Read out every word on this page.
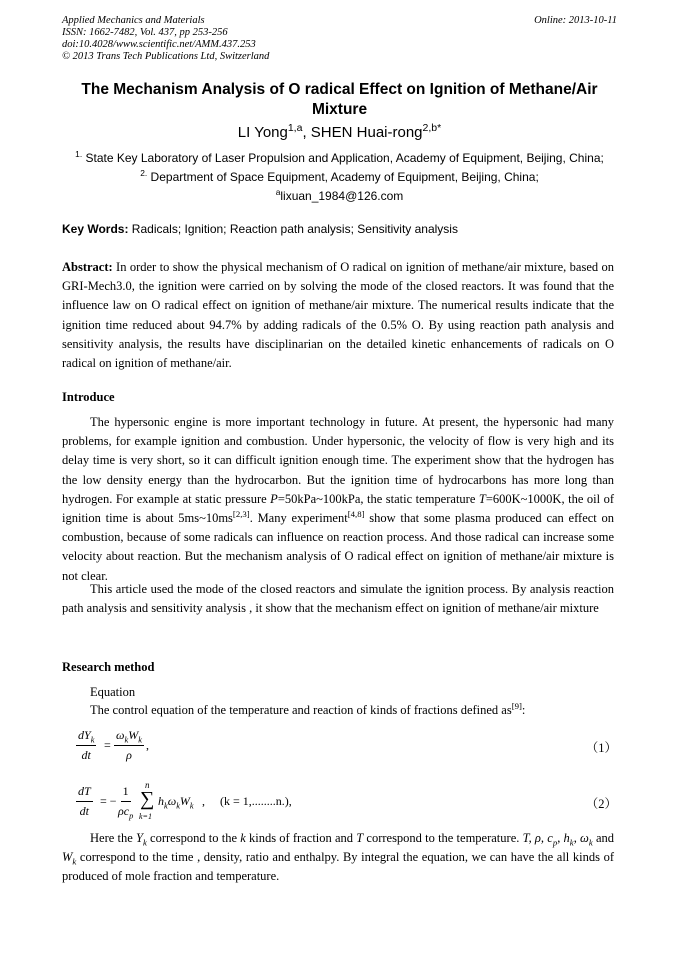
Applied Mechanics and Materials
ISSN: 1662-7482, Vol. 437, pp 253-256
doi:10.4028/www.scientific.net/AMM.437.253
© 2013 Trans Tech Publications Ltd, Switzerland
Online: 2013-10-11
The Mechanism Analysis of O radical Effect on Ignition of Methane/Air Mixture
LI Yong$^{1,a}$, SHEN Huai-rong$^{2,b*}$
$^{1.}$ State Key Laboratory of Laser Propulsion and Application, Academy of Equipment, Beijing, China;
$^{2.}$ Department of Space Equipment, Academy of Equipment, Beijing, China;
$^a$lixuan_1984@126.com
Key Words: Radicals; Ignition; Reaction path analysis; Sensitivity analysis
Abstract: In order to show the physical mechanism of O radical on ignition of methane/air mixture, based on GRI-Mech3.0, the ignition were carried on by solving the mode of the closed reactors. It was found that the influence law on O radical effect on ignition of methane/air mixture. The numerical results indicate that the ignition time reduced about 94.7% by adding radicals of the 0.5% O. By using reaction path analysis and sensitivity analysis, the results have disciplinarian on the detailed kinetic enhancements of radicals on O radical on ignition of methane/air.
Introduce
The hypersonic engine is more important technology in future. At present, the hypersonic had many problems, for example ignition and combustion. Under hypersonic, the velocity of flow is very high and its delay time is very short, so it can difficult ignition enough time. The experiment show that the hydrogen has the low density energy than the hydrocarbon. But the ignition time of hydrocarbons has more long than hydrogen. For example at static pressure P=50kPa~100kPa, the static temperature T=600K~1000K, the oil of ignition time is about 5ms~10ms[2,3]. Many experiment[4,8] show that some plasma produced can effect on combustion, because of some radicals can influence on reaction process. And those radical can increase some velocity about reaction. But the mechanism analysis of O radical effect on ignition of methane/air mixture is not clear.
This article used the mode of the closed reactors and simulate the ignition process. By analysis reaction path analysis and sensitivity analysis , it show that the mechanism effect on ignition of methane/air mixture
Research method
Equation
The control equation of the temperature and reaction of kinds of fractions defined as[9]:
$dY_k$
dt
=
$\omega_kW_k$
ρ
,	（1）
$\frac{dT}{dt}$ = −
1
$\rho c_p$
n
∑
k=1
$h_k\omega_kW_k$ ,     (k = 1,........n.),	（2）
Here the $Y_k$ correspond to the k kinds of fraction and T correspond to the temperature. T, ρ, $c_p$, $h_k$, $\omega_k$ and $W_k$ correspond to the time , density, ratio and enthalpy. By integral the equation, we can have the all kinds of produced of mole fraction and temperature.
